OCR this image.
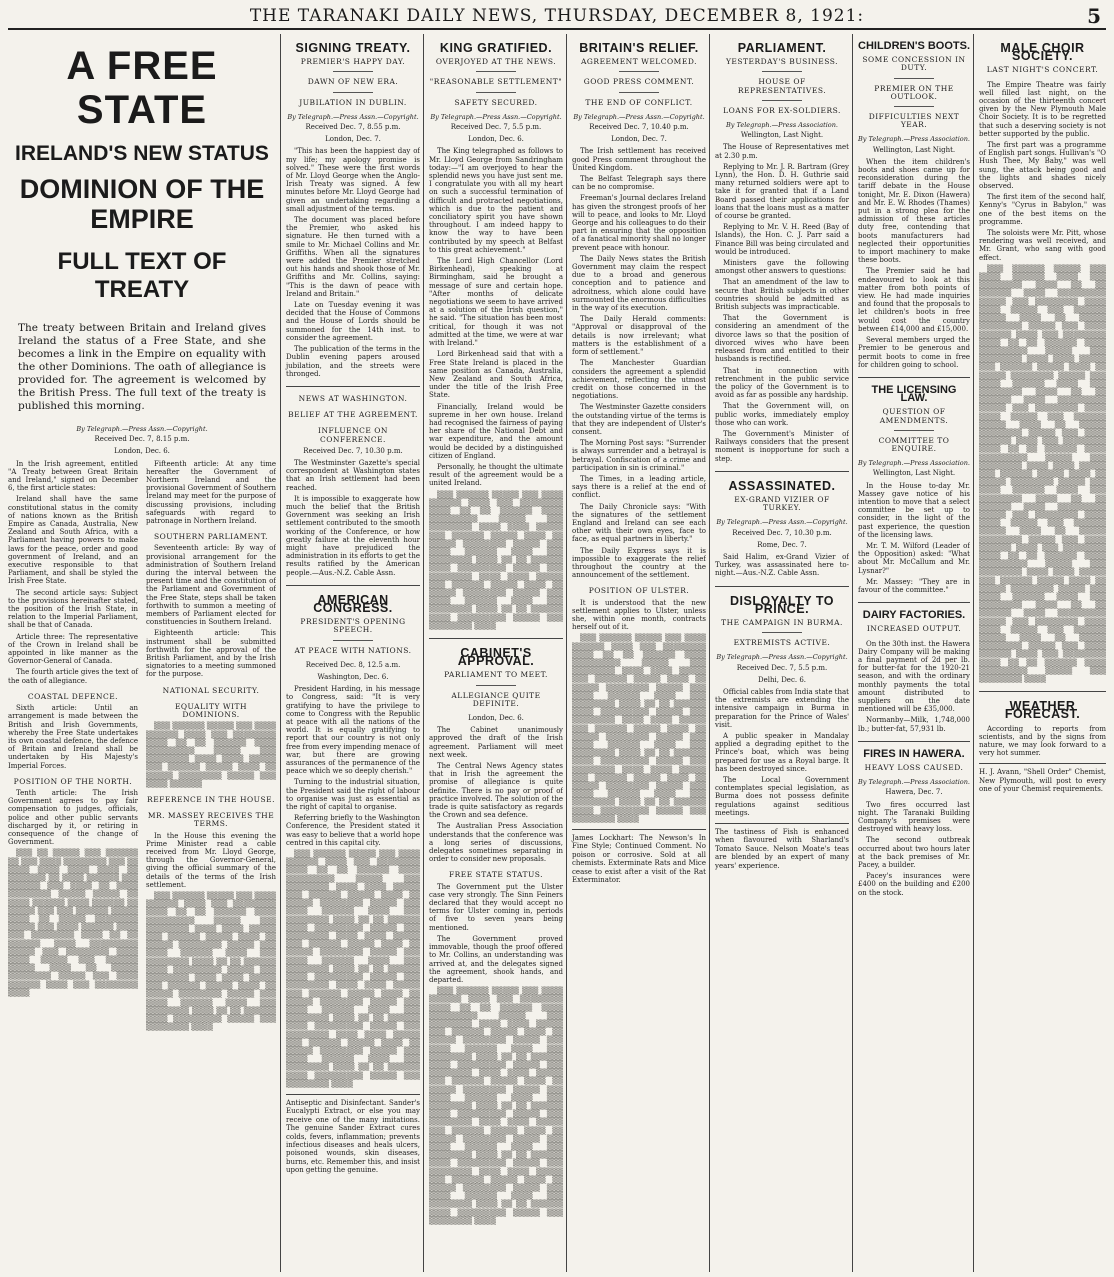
THE TARANAKI DAILY NEWS, THURSDAY, DECEMBER 8, 1921:	5
A FREE STATE
IRELAND'S NEW STATUS
DOMINION OF THE EMPIRE
FULL TEXT OF TREATY
The treaty between Britain and Ireland gives Ireland the status of a Free State, and she becomes a link in the Empire on equality with the other Dominions. The oath of allegiance is provided for. The agreement is welcomed by the British Press. The full text of the treaty is published this morning.
By Telegraph.—Press Assn.—Copyright.
Received Dec. 7, 8.15 p.m.
London, Dec. 6.

In the Irish agreement, entitled "A Treaty between Great Britain and Ireland," signed on December 6, the first article states:

Ireland shall have the same constitutional status in the comity of nations known as the British Empire as Canada, Australia, New Zealand and South Africa, with a Parliament having powers to make laws for the peace, order and good government of Ireland, and an executive responsible to that Parliament, and shall be styled the Irish Free State.

The second article says: Subject to the provisions hereinafter stated, the position of the Irish State, in relation to the Imperial Parliament, shall be that of Canada.

Article three: The representative of the Crown in Ireland shall be appointed in like manner as the Governor-General of Canada.

The fourth article gives the text of the oath of allegiance.

COASTAL DEFENCE.

Sixth article: Until an arrangement is made between the British and Irish Governments, whereby the Free State undertakes its own coastal defence, the defence of Britain and Ireland shall be undertaken by His Majesty's Imperial Forces.

POSITION OF THE NORTH.

Tenth article: The Irish Government agrees to pay fair compensation to judges, officials, police and other public servants discharged by it, or retiring in consequence of the change of Government.

▒▒▒ ▒▒ ▒▒▒▒▒ ▒▒▒ ▒▒▒▒▒▒ ▒▒ ▒▒▒ ▒▒▒▒ ▒▒▒▒▒▒▒▒ ▒▒▒ ▒▒ ▒▒▒▒ ▒▒▒▒ ▒▒▒▒ ▒▒▒▒ ▒▒ ▒▒▒▒▒▒▒ ▒▒ ▒▒▒▒ ▒▒▒▒▒▒ ▒▒▒ ▒▒▒▒▒▒ ▒▒▒ ▒▒▒▒ ▒▒ ▒▒▒▒ ▒▒▒▒▒▒▒▒ ▒▒▒▒▒ ▒▒▒▒▒ ▒▒ ▒▒▒▒ ▒▒▒▒▒▒ ▒▒▒▒ ▒▒▒▒▒▒ ▒▒ ▒▒▒▒▒ ▒▒▒ ▒▒▒ ▒▒▒▒▒▒ ▒▒▒▒▒ ▒▒▒▒ ▒▒ ▒▒▒▒▒ ▒▒▒▒▒▒▒▒ ▒▒▒▒▒ ▒▒▒ ▒▒▒▒ ▒▒▒▒▒▒ ▒▒▒▒ ▒▒▒ ▒▒▒▒▒▒▒▒ ▒▒▒▒ ▒▒ ▒▒ ▒▒▒▒▒▒ ▒▒▒▒ ▒▒▒▒▒▒▒▒▒ ▒▒▒▒▒ ▒▒▒ ▒▒▒▒▒▒▒▒ ▒▒▒▒ ▒▒▒▒ ▒▒▒▒▒ ▒▒▒ ▒▒▒▒▒▒ ▒▒▒▒▒ ▒▒▒▒ ▒▒ ▒▒▒▒▒ ▒▒▒▒▒▒▒▒ ▒▒▒▒▒ ▒▒▒ ▒▒▒▒ ▒▒▒▒▒▒ ▒▒▒▒ ▒▒▒ ▒▒▒▒▒▒▒▒ ▒▒▒▒

Fifteenth article: At any time hereafter the Government of Northern Ireland and the provisional Government of Southern Ireland may meet for the purpose of discussing provisions, including safeguards with regard to patronage in Northern Ireland.

SOUTHERN PARLIAMENT.

Seventeenth article: By way of provisional arrangement for the administration of Southern Ireland during the interval between the present time and the constitution of the Parliament and Government of the Free State, steps shall be taken forthwith to summon a meeting of members of Parliament elected for constituencies in Southern Ireland.

Eighteenth article: This instrument shall be submitted forthwith for the approval of the British Parliament, and by the Irish signatories to a meeting summoned for the purpose.

NATIONAL SECURITY.
EQUALITY WITH DOMINIONS.

▒▒▒ ▒▒▒▒▒▒ ▒▒▒▒▒ ▒▒▒ ▒▒▒▒ ▒▒▒▒▒▒ ▒▒▒▒ ▒▒▒ ▒▒▒▒▒▒▒▒ ▒▒▒▒ ▒▒ ▒▒ ▒▒▒▒▒▒ ▒▒▒▒ ▒▒▒▒▒▒▒▒▒ ▒▒▒▒▒ ▒▒▒ ▒▒▒▒▒▒▒▒ ▒▒▒▒ ▒▒▒▒ ▒▒▒▒▒ ▒▒▒ ▒▒▒▒▒▒ ▒▒▒▒▒ ▒▒▒▒ ▒▒ ▒▒▒▒▒ ▒▒▒▒▒▒▒▒ ▒▒▒▒▒ ▒▒▒ ▒▒▒▒ ▒▒▒▒▒▒

REFERENCE IN THE HOUSE.
MR. MASSEY RECEIVES THE TERMS.

In the House this evening the Prime Minister read a cable received from Mr. Lloyd George, through the Governor-General, giving the official summary of the details of the terms of the Irish settlement.

▒▒▒ ▒▒▒▒▒▒ ▒▒▒▒▒ ▒▒▒ ▒▒▒▒ ▒▒▒▒▒▒ ▒▒▒▒ ▒▒▒ ▒▒▒▒▒▒▒▒ ▒▒▒▒ ▒▒ ▒▒ ▒▒▒▒▒▒ ▒▒▒▒ ▒▒▒▒▒▒▒▒▒ ▒▒▒▒▒ ▒▒▒ ▒▒▒▒▒▒▒▒ ▒▒▒▒ ▒▒▒▒ ▒▒▒▒▒ ▒▒▒ ▒▒▒▒▒▒ ▒▒▒▒▒ ▒▒▒▒ ▒▒ ▒▒▒▒▒ ▒▒▒▒▒▒▒▒ ▒▒▒▒▒ ▒▒▒ ▒▒▒▒ ▒▒▒▒▒▒ ▒▒▒▒ ▒▒▒ ▒▒▒▒▒▒▒▒ ▒▒▒▒ ▒▒ ▒▒ ▒▒▒▒▒▒ ▒▒▒▒ ▒▒▒▒▒▒▒▒▒ ▒▒▒▒▒ ▒▒▒ ▒▒▒▒▒▒▒▒ ▒▒▒▒ ▒▒▒▒ ▒▒▒▒▒ ▒▒▒ ▒▒▒▒▒▒ ▒▒▒▒▒ ▒▒▒▒ ▒▒ ▒▒▒▒▒ ▒▒▒▒▒▒▒▒ ▒▒▒▒▒ ▒▒▒ ▒▒▒▒ ▒▒▒▒▒▒ ▒▒▒▒ ▒▒▒ ▒▒▒▒▒▒▒▒ ▒▒▒▒ ▒▒ ▒▒ ▒▒▒▒▒▒ ▒▒▒▒ ▒▒▒▒▒▒▒▒▒ ▒▒▒▒▒ ▒▒▒ ▒▒▒▒▒▒▒▒ ▒▒▒▒

SIGNING TREATY.
PREMIER'S HAPPY DAY.
DAWN OF NEW ERA.
JUBILATION IN DUBLIN.
By Telegraph.—Press Assn.—Copyright.
Received Dec. 7, 8.55 p.m.
London, Dec. 7.

"This has been the happiest day of my life; my apology promise is solved." These were the first words of Mr. Lloyd George when the Anglo-Irish Treaty was signed. A few minutes before Mr. Lloyd George had given an undertaking regarding a small adjustment of the terms.

The document was placed before the Premier, who asked his signature. He then turned with a smile to Mr. Michael Collins and Mr. Griffiths. When all the signatures were added the Premier stretched out his hands and shook those of Mr. Griffiths and Mr. Collins, saying: "This is the dawn of peace with Ireland and Britain."

Late on Tuesday evening it was decided that the House of Commons and the House of Lords should be summoned for the 14th inst. to consider the agreement.

The publication of the terms in the Dublin evening papers aroused jubilation, and the streets were thronged.

NEWS AT WASHINGTON.
BELIEF AT THE AGREEMENT.
INFLUENCE ON CONFERENCE.
Received Dec. 7, 10.30 p.m.

The Westminster Gazette's special correspondent at Washington states that an Irish settlement had been reached.

It is impossible to exaggerate how much the belief that the British Government was seeking an Irish settlement contributed to the smooth working of the Conference, or how greatly failure at the eleventh hour might have prejudiced the administration in its efforts to get the results ratified by the American people.—Aus.-N.Z. Cable Assn.

AMERICAN CONGRESS.
PRESIDENT'S OPENING SPEECH.
AT PEACE WITH NATIONS.
Received Dec. 8, 12.5 a.m.
Washington, Dec. 6.

President Harding, in his message to Congress, said: "It is very gratifying to have the privilege to come to Congress with the Republic at peace with all the nations of the world. It is equally gratifying to report that our country is not only free from every impending menace of war, but there are growing assurances of the permanence of the peace which we so deeply cherish."

Turning to the industrial situation, the President said the right of labour to organise was just as essential as the right of capital to organise.

Referring briefly to the Washington Conference, the President stated it was easy to believe that a world hope centred in this capital city.

▒▒▒ ▒▒▒▒▒▒ ▒▒▒▒▒ ▒▒▒ ▒▒▒▒ ▒▒▒▒▒▒ ▒▒▒▒ ▒▒▒ ▒▒▒▒▒▒▒▒ ▒▒▒▒ ▒▒ ▒▒ ▒▒▒▒▒▒ ▒▒▒▒ ▒▒▒▒▒▒▒▒▒ ▒▒▒▒▒ ▒▒▒ ▒▒▒▒▒▒▒▒ ▒▒▒▒ ▒▒▒▒ ▒▒▒▒▒ ▒▒▒ ▒▒▒▒▒▒ ▒▒▒▒▒ ▒▒▒▒ ▒▒ ▒▒▒▒▒ ▒▒▒▒▒▒▒▒ ▒▒▒▒▒ ▒▒▒ ▒▒▒▒ ▒▒▒▒▒▒ ▒▒▒▒ ▒▒▒ ▒▒▒▒▒▒▒▒ ▒▒▒▒ ▒▒ ▒▒ ▒▒▒▒▒▒ ▒▒▒▒ ▒▒▒▒▒▒▒▒▒ ▒▒▒▒▒ ▒▒▒ ▒▒▒▒▒▒▒▒ ▒▒▒▒ ▒▒▒▒ ▒▒▒▒▒ ▒▒▒ ▒▒▒▒▒▒ ▒▒▒▒▒ ▒▒▒▒ ▒▒ ▒▒▒▒▒ ▒▒▒▒▒▒▒▒ ▒▒▒▒▒ ▒▒▒ ▒▒▒▒ ▒▒▒▒▒▒ ▒▒▒▒ ▒▒▒ ▒▒▒▒▒▒▒▒ ▒▒▒▒ ▒▒ ▒▒ ▒▒▒▒▒▒ ▒▒▒▒ ▒▒▒▒▒▒▒▒▒ ▒▒▒▒▒ ▒▒▒ ▒▒▒▒▒▒▒▒ ▒▒▒▒ ▒▒▒▒ ▒▒▒▒▒ ▒▒▒ ▒▒▒▒▒▒ ▒▒▒▒▒ ▒▒▒▒ ▒▒ ▒▒▒▒▒ ▒▒▒▒▒▒▒▒ ▒▒▒▒▒ ▒▒▒ ▒▒▒▒ ▒▒▒▒▒▒ ▒▒▒▒ ▒▒▒ ▒▒▒▒▒▒▒▒ ▒▒▒▒ ▒▒ ▒▒ ▒▒▒▒▒▒ ▒▒▒▒ ▒▒▒▒▒▒▒▒▒ ▒▒▒▒▒ ▒▒▒ ▒▒▒▒▒▒▒▒ ▒▒▒▒ ▒▒▒▒ ▒▒▒▒▒ ▒▒▒ ▒▒▒▒▒▒ ▒▒▒▒▒ ▒▒▒▒ ▒▒ ▒▒▒▒▒ ▒▒▒▒▒▒▒▒ ▒▒▒▒▒ ▒▒▒ ▒▒▒▒ ▒▒▒▒▒▒ ▒▒▒▒ ▒▒▒ ▒▒▒▒▒▒▒▒ ▒▒▒▒ ▒▒ ▒▒ ▒▒▒▒▒▒ ▒▒▒▒ ▒▒▒▒▒▒▒▒▒ ▒▒▒▒▒ ▒▒▒ ▒▒▒▒▒▒▒▒ ▒▒▒▒

Antiseptic and Disinfectant. Sander's Eucalypti Extract, or else you may receive one of the many imitations. The genuine Sander Extract cures colds, fevers, inflammation; prevents infectious diseases and heals ulcers, poisoned wounds, skin diseases, burns, etc. Remember this, and insist upon getting the genuine.
KING GRATIFIED.
OVERJOYED AT THE NEWS.
"REASONABLE SETTLEMENT"
SAFETY SECURED.
By Telegraph.—Press Assn.—Copyright.
Received Dec. 7, 5.5 p.m.
London, Dec. 6.

The King telegraphed as follows to Mr. Lloyd George from Sandringham today:—"I am overjoyed to hear the splendid news you have just sent me. I congratulate you with all my heart on such a successful termination of difficult and protracted negotiations, which is due to the patient and conciliatory spirit you have shown throughout. I am indeed happy to know the way to have been contributed by my speech at Belfast to this great achievement."

The Lord High Chancellor (Lord Birkenhead), speaking at Birmingham, said he brought a message of sure and certain hope. "After months of delicate negotiations we seem to have arrived at a solution of the Irish question," he said. "The situation has been most critical, for though it was not admitted at the time, we were at war with Ireland."

Lord Birkenhead said that with a Free State Ireland is placed in the same position as Canada, Australia, New Zealand and South Africa, under the title of the Irish Free State.

Financially, Ireland would be supreme in her own house. Ireland had recognised the fairness of paying her share of the National Debt and war expenditure, and the amount would be decided by a distinguished citizen of England.

Personally, he thought the ultimate result of the agreement would be a united Ireland.

▒▒▒ ▒▒▒▒▒▒ ▒▒▒▒▒ ▒▒▒ ▒▒▒▒ ▒▒▒▒▒▒ ▒▒▒▒ ▒▒▒ ▒▒▒▒▒▒▒▒ ▒▒▒▒ ▒▒ ▒▒ ▒▒▒▒▒▒ ▒▒▒▒ ▒▒▒▒▒▒▒▒▒ ▒▒▒▒▒ ▒▒▒ ▒▒▒▒▒▒▒▒ ▒▒▒▒ ▒▒▒▒ ▒▒▒▒▒ ▒▒▒ ▒▒▒▒▒▒ ▒▒▒▒▒ ▒▒▒▒ ▒▒ ▒▒▒▒▒ ▒▒▒▒▒▒▒▒ ▒▒▒▒▒ ▒▒▒ ▒▒▒▒ ▒▒▒▒▒▒ ▒▒▒▒ ▒▒▒ ▒▒▒▒▒▒▒▒ ▒▒▒▒ ▒▒ ▒▒ ▒▒▒▒▒▒ ▒▒▒▒ ▒▒▒▒▒▒▒▒▒ ▒▒▒▒▒ ▒▒▒ ▒▒▒▒▒▒▒▒ ▒▒▒▒ ▒▒▒▒ ▒▒▒▒▒ ▒▒▒ ▒▒▒▒▒▒ ▒▒▒▒▒ ▒▒▒▒ ▒▒ ▒▒▒▒▒ ▒▒▒▒▒▒▒▒ ▒▒▒▒▒ ▒▒▒ ▒▒▒▒ ▒▒▒▒▒▒ ▒▒▒▒ ▒▒▒ ▒▒▒▒▒▒▒▒ ▒▒▒▒ ▒▒ ▒▒ ▒▒▒▒▒▒ ▒▒▒▒ ▒▒▒▒▒▒▒▒▒ ▒▒▒▒▒ ▒▒▒ ▒▒▒▒▒▒▒▒ ▒▒▒▒

CABINET'S APPROVAL.
PARLIAMENT TO MEET.
ALLEGIANCE QUITE DEFINITE.
London, Dec. 6.

The Cabinet unanimously approved the draft of the Irish agreement. Parliament will meet next week.

The Central News Agency states that in Irish the agreement the promise of allegiance is quite definite. There is no pay or proof of practice involved. The solution of the trade is quite satisfactory as regards the Crown and sea defence.

The Australian Press Association understands that the conference was a long series of discussions, delegates sometimes separating in order to consider new proposals.

FREE STATE STATUS.

The Government put the Ulster case very strongly. The Sinn Feiners declared that they would accept no terms for Ulster coming in, periods of five to seven years being mentioned.

The Government proved immovable, though the proof offered to Mr. Collins, an understanding was arrived at, and the delegates signed the agreement, shook hands, and departed.

▒▒▒ ▒▒▒▒▒▒ ▒▒▒▒▒ ▒▒▒ ▒▒▒▒ ▒▒▒▒▒▒ ▒▒▒▒ ▒▒▒ ▒▒▒▒▒▒▒▒ ▒▒▒▒ ▒▒ ▒▒ ▒▒▒▒▒▒ ▒▒▒▒ ▒▒▒▒▒▒▒▒▒ ▒▒▒▒▒ ▒▒▒ ▒▒▒▒▒▒▒▒ ▒▒▒▒ ▒▒▒▒ ▒▒▒▒▒ ▒▒▒ ▒▒▒▒▒▒ ▒▒▒▒▒ ▒▒▒▒ ▒▒ ▒▒▒▒▒ ▒▒▒▒▒▒▒▒ ▒▒▒▒▒ ▒▒▒ ▒▒▒▒ ▒▒▒▒▒▒ ▒▒▒▒ ▒▒▒ ▒▒▒▒▒▒▒▒ ▒▒▒▒ ▒▒ ▒▒ ▒▒▒▒▒▒ ▒▒▒▒ ▒▒▒▒▒▒▒▒▒ ▒▒▒▒▒ ▒▒▒ ▒▒▒▒▒▒▒▒ ▒▒▒▒ ▒▒▒▒ ▒▒▒▒▒ ▒▒▒ ▒▒▒▒▒▒ ▒▒▒▒▒ ▒▒▒▒ ▒▒ ▒▒▒▒▒ ▒▒▒▒▒▒▒▒ ▒▒▒▒▒ ▒▒▒ ▒▒▒▒ ▒▒▒▒▒▒ ▒▒▒▒ ▒▒▒ ▒▒▒▒▒▒▒▒ ▒▒▒▒ ▒▒ ▒▒ ▒▒▒▒▒▒ ▒▒▒▒ ▒▒▒▒▒▒▒▒▒ ▒▒▒▒▒ ▒▒▒ ▒▒▒▒▒▒▒▒ ▒▒▒▒ ▒▒▒▒ ▒▒▒▒▒ ▒▒▒ ▒▒▒▒▒▒ ▒▒▒▒▒ ▒▒▒▒ ▒▒ ▒▒▒▒▒ ▒▒▒▒▒▒▒▒ ▒▒▒▒▒ ▒▒▒ ▒▒▒▒ ▒▒▒▒▒▒ ▒▒▒▒ ▒▒▒ ▒▒▒▒▒▒▒▒ ▒▒▒▒ ▒▒ ▒▒ ▒▒▒▒▒▒ ▒▒▒▒ ▒▒▒▒▒▒▒▒▒ ▒▒▒▒▒ ▒▒▒ ▒▒▒▒▒▒▒▒ ▒▒▒▒ ▒▒▒▒ ▒▒▒▒▒ ▒▒▒ ▒▒▒▒▒▒ ▒▒▒▒▒ ▒▒▒▒ ▒▒ ▒▒▒▒▒ ▒▒▒▒▒▒▒▒ ▒▒▒▒▒ ▒▒▒ ▒▒▒▒ ▒▒▒▒▒▒ ▒▒▒▒ ▒▒▒ ▒▒▒▒▒▒▒▒ ▒▒▒▒ ▒▒ ▒▒ ▒▒▒▒▒▒ ▒▒▒▒ ▒▒▒▒▒▒▒▒▒ ▒▒▒▒▒ ▒▒▒ ▒▒▒▒▒▒▒▒ ▒▒▒▒

BRITAIN'S RELIEF.
AGREEMENT WELCOMED.
GOOD PRESS COMMENT.
THE END OF CONFLICT.
By Telegraph.—Press Assn.—Copyright.
Received Dec. 7, 10.40 p.m.
London, Dec. 7.

The Irish settlement has received good Press comment throughout the United Kingdom.

The Belfast Telegraph says there can be no compromise.

Freeman's Journal declares Ireland has given the strongest proofs of her will to peace, and looks to Mr. Lloyd George and his colleagues to do their part in ensuring that the opposition of a fanatical minority shall no longer prevent peace with honour.

The Daily News states the British Government may claim the respect due to a broad and generous conception and to patience and adroitness, which alone could have surmounted the enormous difficulties in the way of its execution.

The Daily Herald comments: "Approval or disapproval of the details is now irrelevant; what matters is the establishment of a form of settlement."

The Manchester Guardian considers the agreement a splendid achievement, reflecting the utmost credit on those concerned in the negotiations.

The Westminster Gazette considers the outstanding virtue of the terms is that they are independent of Ulster's consent.

The Morning Post says: "Surrender is always surrender and a betrayal is betrayal. Confiscation of a crime and participation in sin is criminal."

The Times, in a leading article, says there is a relief at the end of conflict.

The Daily Chronicle says: "With the signatures of the settlement England and Ireland can see each other with their own eyes, face to face, as equal partners in liberty."

The Daily Express says it is impossible to exaggerate the relief throughout the country at the announcement of the settlement.

POSITION OF ULSTER.

It is understood that the new settlement applies to Ulster, unless she, within one month, contracts herself out of it.

▒▒▒ ▒▒▒▒▒▒ ▒▒▒▒▒ ▒▒▒ ▒▒▒▒ ▒▒▒▒▒▒ ▒▒▒▒ ▒▒▒ ▒▒▒▒▒▒▒▒ ▒▒▒▒ ▒▒ ▒▒ ▒▒▒▒▒▒ ▒▒▒▒ ▒▒▒▒▒▒▒▒▒ ▒▒▒▒▒ ▒▒▒ ▒▒▒▒▒▒▒▒ ▒▒▒▒ ▒▒▒▒ ▒▒▒▒▒ ▒▒▒ ▒▒▒▒▒▒ ▒▒▒▒▒ ▒▒▒▒ ▒▒ ▒▒▒▒▒ ▒▒▒▒▒▒▒▒ ▒▒▒▒▒ ▒▒▒ ▒▒▒▒ ▒▒▒▒▒▒ ▒▒▒▒ ▒▒▒ ▒▒▒▒▒▒▒▒ ▒▒▒▒ ▒▒ ▒▒ ▒▒▒▒▒▒ ▒▒▒▒ ▒▒▒▒▒▒▒▒▒ ▒▒▒▒▒ ▒▒▒ ▒▒▒▒▒▒▒▒ ▒▒▒▒ ▒▒▒▒ ▒▒▒▒▒ ▒▒▒ ▒▒▒▒▒▒ ▒▒▒▒▒ ▒▒▒▒ ▒▒ ▒▒▒▒▒ ▒▒▒▒▒▒▒▒ ▒▒▒▒▒ ▒▒▒ ▒▒▒▒ ▒▒▒▒▒▒ ▒▒▒▒ ▒▒▒ ▒▒▒▒▒▒▒▒ ▒▒▒▒ ▒▒ ▒▒ ▒▒▒▒▒▒ ▒▒▒▒ ▒▒▒▒▒▒▒▒▒ ▒▒▒▒▒ ▒▒▒ ▒▒▒▒▒▒▒▒ ▒▒▒▒ ▒▒▒▒ ▒▒▒▒▒ ▒▒▒ ▒▒▒▒▒▒ ▒▒▒▒▒ ▒▒▒▒ ▒▒ ▒▒▒▒▒ ▒▒▒▒▒▒▒▒ ▒▒▒▒▒ ▒▒▒ ▒▒▒▒ ▒▒▒▒▒▒ ▒▒▒▒ ▒▒▒ ▒▒▒▒▒▒▒▒ ▒▒▒▒ ▒▒ ▒▒ ▒▒▒▒▒▒ ▒▒▒▒ ▒▒▒▒▒▒▒▒▒ ▒▒▒▒▒ ▒▒▒ ▒▒▒▒▒▒▒▒ ▒▒▒▒

James Lockhart: The Newson's In Fine Style; Continued Comment. No poison or corrosive. Sold at all chemists. Exterminate Rats and Mice cease to exist after a visit of the Rat Exterminator.
PARLIAMENT.
YESTERDAY'S BUSINESS.
HOUSE OF REPRESENTATIVES.
LOANS FOR EX-SOLDIERS.
By Telegraph.—Press Association.
Wellington, Last Night.

The House of Representatives met at 2.30 p.m.

Replying to Mr. J. R. Bartram (Grey Lynn), the Hon. D. H. Guthrie said many returned soldiers were apt to take it for granted that if a Land Board passed their applications for loans that the loans must as a matter of course be granted.

Replying to Mr. V. H. Reed (Bay of Islands), the Hon. C. J. Parr said a Finance Bill was being circulated and would be introduced.

Ministers gave the following amongst other answers to questions:

That an amendment of the law to secure that British subjects in other countries should be admitted as British subjects was impracticable.

That the Government is considering an amendment of the divorce laws so that the position of divorced wives who have been released from and entitled to their husbands is rectified.

That in connection with retrenchment in the public service the policy of the Government is to avoid as far as possible any hardship.

That the Government will, on public works, immediately employ those who can work.

The Government's Minister of Railways considers that the present moment is inopportune for such a step.

ASSASSINATED.
EX-GRAND VIZIER OF TURKEY.
By Telegraph.—Press Assn.—Copyright.
Received Dec. 7, 10.30 p.m.
Rome, Dec. 7.

Said Halim, ex-Grand Vizier of Turkey, was assassinated here to-night.—Aus.-N.Z. Cable Assn.

DISLOYALTY TO PRINCE.
THE CAMPAIGN IN BURMA.
EXTREMISTS ACTIVE.
By Telegraph.—Press Assn.—Copyright.
Received Dec. 7, 5.5 p.m.
Delhi, Dec. 6.

Official cables from India state that the extremists are extending the intensive campaign in Burma in preparation for the Prince of Wales' visit.

A public speaker in Mandalay applied a degrading epithet to the Prince's boat, which was being prepared for use as a Royal barge. It has been destroyed since.

The Local Government contemplates special legislation, as Burma does not possess definite regulations against seditious meetings.

The tastiness of Fish is enhanced when flavoured with Sharland's Tomato Sauce. Nelson Moate's teas are blended by an expert of many years' experience.
CHILDREN'S BOOTS.
SOME CONCESSION IN DUTY.
PREMIER ON THE OUTLOOK.
DIFFICULTIES NEXT YEAR.
By Telegraph.—Press Association.
Wellington, Last Night.

When the item children's boots and shoes came up for reconsideration during the tariff debate in the House tonight, Mr. E. Dixon (Hawera) and Mr. E. W. Rhodes (Thames) put in a strong plea for the admission of these articles duty free, contending that boots manufacturers had neglected their opportunities to import machinery to make these boots.

The Premier said he had endeavoured to look at this matter from both points of view. He had made inquiries and found that the proposals to let children's boots in free would cost the country between £14,000 and £15,000.

Several members urged the Premier to be generous and permit boots to come in free for children going to school.

THE LICENSING LAW.
QUESTION OF AMENDMENTS.
COMMITTEE TO ENQUIRE.
By Telegraph.—Press Association.
Wellington, Last Night.

In the House to-day Mr. Massey gave notice of his intention to move that a select committee be set up to consider, in the light of the past experience, the question of the licensing laws.

Mr. T. M. Wilford (Leader of the Opposition) asked: "What about Mr. McCallum and Mr. Lysnar?"

Mr. Massey: "They are in favour of the committee."

DAIRY FACTORIES.
INCREASED OUTPUT.

On the 30th inst. the Hawera Dairy Company will be making a final payment of 2d per lb. for butter-fat for the 1920-21 season, and with the ordinary monthly payments the total amount distributed to suppliers on the date mentioned will be £35,000.

Normanby—Milk, 1,748,000 lb.; butter-fat, 57,931 lb.

FIRES IN HAWERA.
HEAVY LOSS CAUSED.
By Telegraph.—Press Association.
Hawera, Dec. 7.

Two fires occurred last night. The Taranaki Building Company's premises were destroyed with heavy loss.

The second outbreak occurred about two hours later at the back premises of Mr. Pacey, a builder.

Pacey's insurances were £400 on the building and £200 on the stock.

MALE CHOIR SOCIETY.
LAST NIGHT'S CONCERT.

The Empire Theatre was fairly well filled last night, on the occasion of the thirteenth concert given by the New Plymouth Male Choir Society. It is to be regretted that such a deserving society is not better supported by the public.

The first part was a programme of English part songs. Hullivan's "O Hush Thee, My Baby," was well sung, the attack being good and the lights and shades nicely observed.

The first item of the second half, Kenny's "Cyrus in Babylon," was one of the best items on the programme.

The soloists were Mr. Pitt, whose rendering was well received, and Mr. Grant, who sang with good effect.

▒▒▒ ▒▒▒▒▒▒ ▒▒▒▒▒ ▒▒▒ ▒▒▒▒ ▒▒▒▒▒▒ ▒▒▒▒ ▒▒▒ ▒▒▒▒▒▒▒▒ ▒▒▒▒ ▒▒ ▒▒ ▒▒▒▒▒▒ ▒▒▒▒ ▒▒▒▒▒▒▒▒▒ ▒▒▒▒▒ ▒▒▒ ▒▒▒▒▒▒▒▒ ▒▒▒▒ ▒▒▒▒ ▒▒▒▒▒ ▒▒▒ ▒▒▒▒▒▒ ▒▒▒▒▒ ▒▒▒▒ ▒▒ ▒▒▒▒▒ ▒▒▒▒▒▒▒▒ ▒▒▒▒▒ ▒▒▒ ▒▒▒▒ ▒▒▒▒▒▒ ▒▒▒▒ ▒▒▒ ▒▒▒▒▒▒▒▒ ▒▒▒▒ ▒▒ ▒▒ ▒▒▒▒▒▒ ▒▒▒▒ ▒▒▒▒▒▒▒▒▒ ▒▒▒▒▒ ▒▒▒ ▒▒▒▒▒▒▒▒ ▒▒▒▒ ▒▒▒▒ ▒▒▒▒▒ ▒▒▒ ▒▒▒▒▒▒ ▒▒▒▒▒ ▒▒▒▒ ▒▒ ▒▒▒▒▒ ▒▒▒▒▒▒▒▒ ▒▒▒▒▒ ▒▒▒ ▒▒▒▒ ▒▒▒▒▒▒ ▒▒▒▒ ▒▒▒ ▒▒▒▒▒▒▒▒ ▒▒▒▒ ▒▒ ▒▒ ▒▒▒▒▒▒ ▒▒▒▒ ▒▒▒▒▒▒▒▒▒ ▒▒▒▒▒ ▒▒▒ ▒▒▒▒▒▒▒▒ ▒▒▒▒ ▒▒▒▒ ▒▒▒▒▒ ▒▒▒ ▒▒▒▒▒▒ ▒▒▒▒▒ ▒▒▒▒ ▒▒ ▒▒▒▒▒ ▒▒▒▒▒▒▒▒ ▒▒▒▒▒ ▒▒▒ ▒▒▒▒ ▒▒▒▒▒▒ ▒▒▒▒ ▒▒▒ ▒▒▒▒▒▒▒▒ ▒▒▒▒ ▒▒ ▒▒ ▒▒▒▒▒▒ ▒▒▒▒ ▒▒▒▒▒▒▒▒▒ ▒▒▒▒▒ ▒▒▒ ▒▒▒▒▒▒▒▒ ▒▒▒▒ ▒▒▒▒ ▒▒▒▒▒ ▒▒▒ ▒▒▒▒▒▒ ▒▒▒▒▒ ▒▒▒▒ ▒▒ ▒▒▒▒▒ ▒▒▒▒▒▒▒▒ ▒▒▒▒▒ ▒▒▒ ▒▒▒▒ ▒▒▒▒▒▒ ▒▒▒▒ ▒▒▒ ▒▒▒▒▒▒▒▒ ▒▒▒▒ ▒▒ ▒▒ ▒▒▒▒▒▒ ▒▒▒▒ ▒▒▒▒▒▒▒▒▒ ▒▒▒▒▒ ▒▒▒ ▒▒▒▒▒▒▒▒ ▒▒▒▒ ▒▒▒▒ ▒▒▒▒▒ ▒▒▒ ▒▒▒▒▒▒ ▒▒▒▒▒ ▒▒▒▒ ▒▒ ▒▒▒▒▒ ▒▒▒▒▒▒▒▒ ▒▒▒▒▒ ▒▒▒ ▒▒▒▒ ▒▒▒▒▒▒ ▒▒▒▒ ▒▒▒ ▒▒▒▒▒▒▒▒ ▒▒▒▒ ▒▒ ▒▒ ▒▒▒▒▒▒ ▒▒▒▒ ▒▒▒▒▒▒▒▒▒ ▒▒▒▒▒ ▒▒▒ ▒▒▒▒▒▒▒▒ ▒▒▒▒ ▒▒▒▒ ▒▒▒▒▒ ▒▒▒ ▒▒▒▒▒▒ ▒▒▒▒▒ ▒▒▒▒ ▒▒ ▒▒▒▒▒ ▒▒▒▒▒▒▒▒ ▒▒▒▒▒ ▒▒▒ ▒▒▒▒ ▒▒▒▒▒▒ ▒▒▒▒ ▒▒▒ ▒▒▒▒▒▒▒▒ ▒▒▒▒ ▒▒ ▒▒ ▒▒▒▒▒▒ ▒▒▒▒ ▒▒▒▒▒▒▒▒▒ ▒▒▒▒▒ ▒▒▒ ▒▒▒▒▒▒▒▒ ▒▒▒▒ ▒▒▒▒ ▒▒▒▒▒ ▒▒▒ ▒▒▒▒▒▒ ▒▒▒▒▒ ▒▒▒▒ ▒▒ ▒▒▒▒▒ ▒▒▒▒▒▒▒▒ ▒▒▒▒▒ ▒▒▒ ▒▒▒▒ ▒▒▒▒▒▒ ▒▒▒▒ ▒▒▒ ▒▒▒▒▒▒▒▒ ▒▒▒▒ ▒▒ ▒▒ ▒▒▒▒▒▒ ▒▒▒▒ ▒▒▒▒▒▒▒▒▒ ▒▒▒▒▒ ▒▒▒ ▒▒▒▒▒▒▒▒ ▒▒▒▒

WEATHER FORECAST.

According to reports from scientists, and by the signs from nature, we may look forward to a very hot summer.

H. J. Avann, "Shell Order" Chemist, New Plymouth, will post to every one of your Chemist requirements.
